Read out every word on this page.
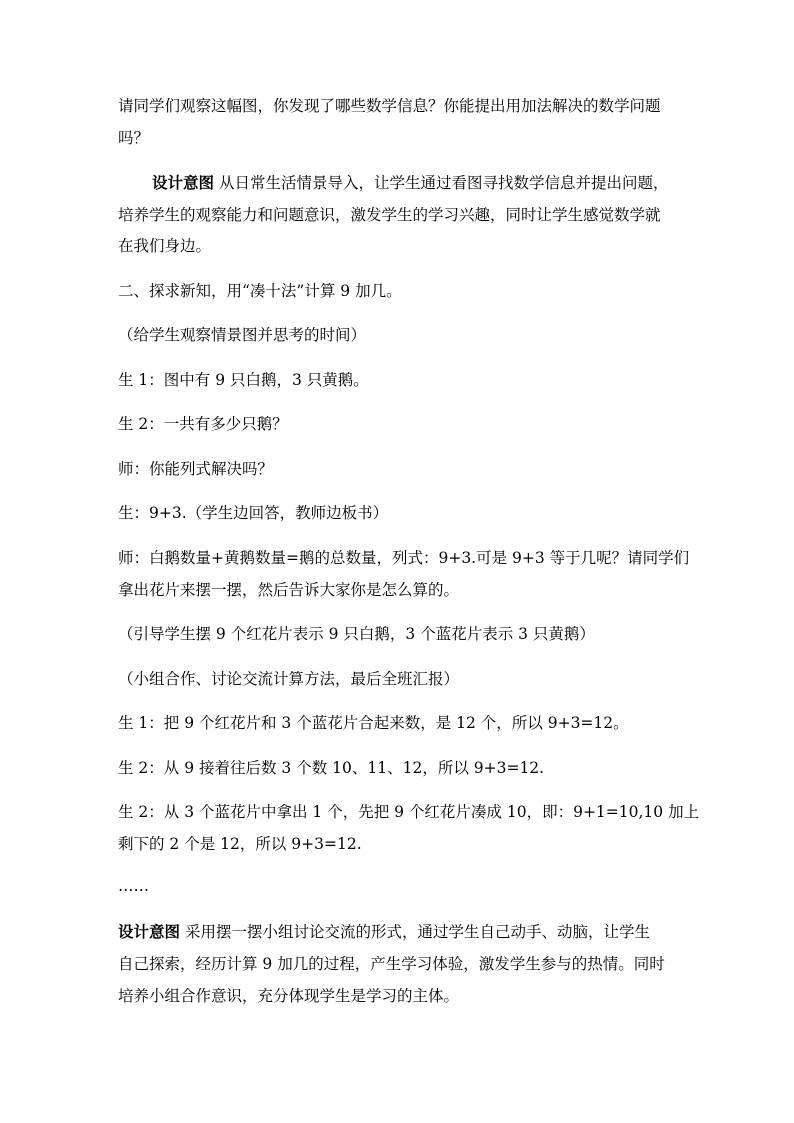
请同学们观察这幅图，你发现了哪些数学信息？你能提出用加法解决的数学问题
吗？
设计意图 从日常生活情景导入，让学生通过看图寻找数学信息并提出问题，
培养学生的观察能力和问题意识，激发学生的学习兴趣，同时让学生感觉数学就
在我们身边。
二、探求新知，用“凑十法”计算 9 加几。
（给学生观察情景图并思考的时间）
生 1：图中有 9 只白鹅，3 只黄鹅。
生 2：一共有多少只鹅？
师：你能列式解决吗？
生：9+3.（学生边回答，教师边板书）
师：白鹅数量+黄鹅数量=鹅的总数量，列式：9+3.可是 9+3 等于几呢？请同学们
拿出花片来摆一摆，然后告诉大家你是怎么算的。
（引导学生摆 9 个红花片表示 9 只白鹅，3 个蓝花片表示 3 只黄鹅）
（小组合作、讨论交流计算方法，最后全班汇报）
生 1：把 9 个红花片和 3 个蓝花片合起来数，是 12 个，所以 9+3=12。
生 2：从 9 接着往后数 3 个数 10、11、12，所以 9+3=12.
生 2：从 3 个蓝花片中拿出 1 个，先把 9 个红花片凑成 10，即：9+1=10,10 加上
剩下的 2 个是 12，所以 9+3=12.
……
设计意图 采用摆一摆小组讨论交流的形式，通过学生自己动手、动脑，让学生
自己探索，经历计算 9 加几的过程，产生学习体验，激发学生参与的热情。同时
培养小组合作意识，充分体现学生是学习的主体。
